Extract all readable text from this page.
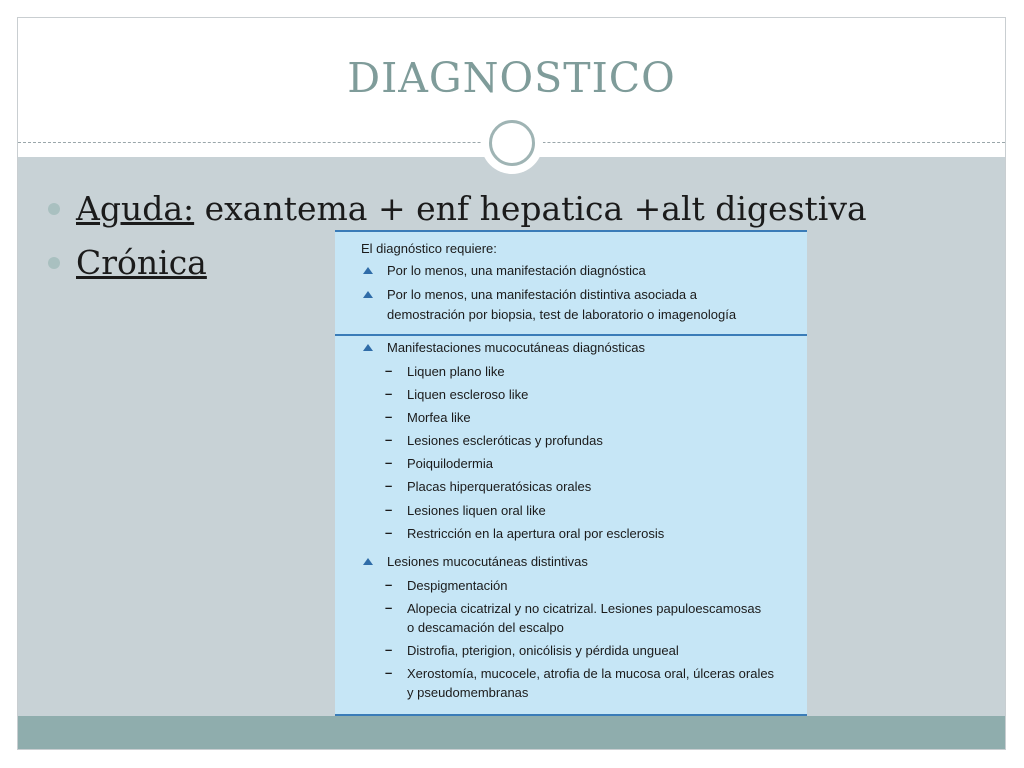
DIAGNOSTICO
Aguda: exantema + enf hepatica +alt digestiva
Crónica	El diagnóstico requiere:
Por lo menos, una manifestación diagnóstica
Por lo menos, una manifestación distintiva asociada a
demostración por biopsia, test de laboratorio o imagenología
Manifestaciones mucocutáneas diagnósticas
– Liquen plano like
– Liquen escleroso like
– Morfea like
– Lesiones escleróticas y profundas
– Poiquilodermia
– Placas hiperqueratósicas orales
– Lesiones liquen oral like
– Restricción en la apertura oral por esclerosis
Lesiones mucocutáneas distintivas
– Despigmentación
– Alopecia cicatrizal y no cicatrizal. Lesiones papuloescamosas
o descamación del escalpo
– Distrofia, pterigion, onicólisis y pérdida ungueal
– Xerostomía, mucocele, atrofia de la mucosa oral, úlceras orales
y pseudomembranas
